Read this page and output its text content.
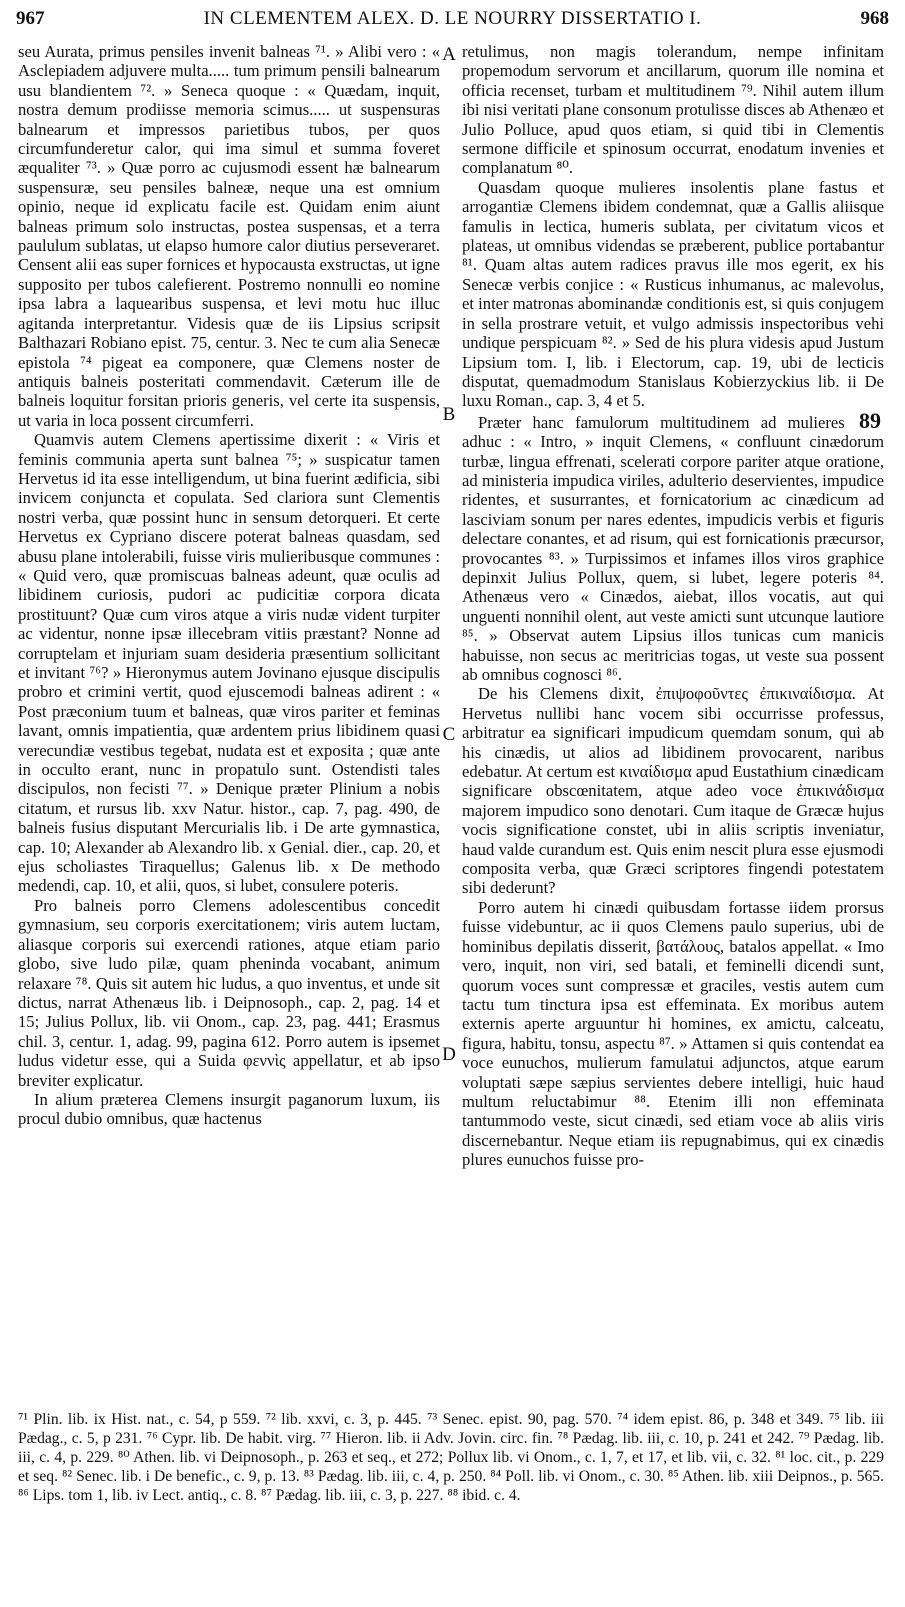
967	IN CLEMENTEM ALEX. D. LE NOURRY DISSERTATIO I.	968

seu Aurata, primus pensiles invenit balneas ⁷¹. » Alibi vero : « Asclepiadem adjuvere multa..... tum primum pensili balnearum usu blandientem ⁷². » Seneca quoque : « Quædam, inquit, nostra demum prodiisse memoria scimus..... ut suspensuras balnearum et impressos parietibus tubos, per quos circumfunderetur calor, qui ima simul et summa foveret æqualiter ⁷³. » Quæ porro ac cujusmodi essent hæ balnearum suspensuræ, seu pensiles balneæ, neque una est omnium opinio, neque id explicatu facile est. Quidam enim aiunt balneas primum solo instructas, postea suspensas, et a terra paululum sublatas, ut elapso humore calor diutius perseveraret. Censent alii eas super fornices et hypocausta exstructas, ut igne supposito per tubos calefierent. Postremo nonnulli eo nomine ipsa labra a laquearibus suspensa, et levi motu huc illuc agitanda interpretantur. Videsis quæ de iis Lipsius scripsit Balthazari Robiano epist. 75, centur. 3. Nec te cum alia Senecæ epistola ⁷⁴ pigeat ea componere, quæ Clemens noster de antiquis balneis posteritati commendavit. Cæterum ille de balneis loquitur forsitan prioris generis, vel certe ita suspensis, ut varia in loca possent circumferri.

Quamvis autem Clemens apertissime dixerit : « Viris et feminis communia aperta sunt balnea ⁷⁵; » suspicatur tamen Hervetus id ita esse intelligendum, ut bina fuerint ædificia, sibi invicem conjuncta et copulata. Sed clariora sunt Clementis nostri verba, quæ possint hunc in sensum detorqueri. Et certe Hervetus ex Cypriano discere poterat balneas quasdam, sed abusu plane intolerabili, fuisse viris mulieribusque communes : « Quid vero, quæ promiscuas balneas adeunt, quæ oculis ad libidinem curiosis, pudori ac pudicitiæ corpora dicata prostituunt? Quæ cum viros atque a viris nudæ vident turpiter ac videntur, nonne ipsæ illecebram vitiis præstant? Nonne ad corruptelam et injuriam suam desideria præsentium sollicitant et invitant ⁷⁶? » Hieronymus autem Jovinano ejusque discipulis probro et crimini vertit, quod ejuscemodi balneas adirent : « Post præconium tuum et balneas, quæ viros pariter et feminas lavant, omnis impatientia, quæ ardentem prius libidinem quasi verecundiæ vestibus tegebat, nudata est et exposita ; quæ ante in occulto erant, nunc in propatulo sunt. Ostendisti tales discipulos, non fecisti ⁷⁷. » Denique præter Plinium a nobis citatum, et rursus lib. xxv Natur. histor., cap. 7, pag. 490, de balneis fusius disputant Mercurialis lib. i De arte gymnastica, cap. 10; Alexander ab Alexandro lib. x Genial. dier., cap. 20, et ejus scholiastes Tiraquellus; Galenus lib. x De methodo medendi, cap. 10, et alii, quos, si lubet, consulere poteris.

Pro balneis porro Clemens adolescentibus concedit gymnasium, seu corporis exercitationem; viris autem luctam, aliasque corporis sui exercendi rationes, atque etiam pario globo, sive ludo pilæ, quam pheninda vocabant, animum relaxare ⁷⁸. Quis sit autem hic ludus, a quo inventus, et unde sit dictus, narrat Athenæus lib. i Deipnosoph., cap. 2, pag. 14 et 15; Julius Pollux, lib. vii Onom., cap. 23, pag. 441; Erasmus chil. 3, centur. 1, adag. 99, pagina 612. Porro autem is ipsemet ludus videtur esse, qui a Suida φεννὶς appellatur, et ab ipso breviter explicatur.

In alium præterea Clemens insurgit paganorum luxum, iis procul dubio omnibus, quæ hactenus

A
B
C
D

retulimus, non magis tolerandum, nempe infinitam propemodum servorum et ancillarum, quorum ille nomina et officia recenset, turbam et multitudinem ⁷⁹. Nihil autem illum ibi nisi veritati plane consonum protulisse disces ab Athenæo et Julio Polluce, apud quos etiam, si quid tibi in Clementis sermone difficile et spinosum occurrat, enodatum invenies et complanatum ⁸⁰.

Quasdam quoque mulieres insolentis plane fastus et arrogantiæ Clemens ibidem condemnat, quæ a Gallis aliisque famulis in lectica, humeris sublata, per civitatum vicos et plateas, ut omnibus videndas se præberent, publice portabantur ⁸¹. Quam altas autem radices pravus ille mos egerit, ex his Senecæ verbis conjice : « Rusticus inhumanus, ac malevolus, et inter matronas abominandæ conditionis est, si quis conjugem in sella prostrare vetuit, et vulgo admissis inspectoribus vehi undique perspicuam ⁸². » Sed de his plura videsis apud Justum Lipsium tom. I, lib. i Electorum, cap. 19, ubi de lecticis disputat, quemadmodum Stanislaus Kobierzyckius lib. ii De luxu Roman., cap. 3, 4 et 5.

Præter hanc famulorum multitudinem ad mulieres 89 adhuc : « Intro, » inquit Clemens, « confluunt cinædorum turbæ, lingua effrenati, scelerati corpore pariter atque oratione, ad ministeria impudica viriles, adulterio deservientes, impudice ridentes, et susurrantes, et fornicatorium ac cinædicum ad lasciviam sonum per nares edentes, impudicis verbis et figuris delectare conantes, et ad risum, qui est fornicationis præcursor, provocantes ⁸³. » Turpissimos et infames illos viros graphice depinxit Julius Pollux, quem, si lubet, legere poteris ⁸⁴. Athenæus vero « Cinædos, aiebat, illos vocatis, aut qui unguenti nonnihil olent, aut veste amicti sunt utcunque lautiore ⁸⁵. » Observat autem Lipsius illos tunicas cum manicis habuisse, non secus ac meritricias togas, ut veste sua possent ab omnibus cognosci ⁸⁶.

De his Clemens dixit, ἐπιψοφοῦντες ἐπικιναίδισμα. At Hervetus nullibi hanc vocem sibi occurrisse professus, arbitratur ea significari impudicum quemdam sonum, qui ab his cinædis, ut alios ad libidinem provocarent, naribus edebatur. At certum est κιναίδισμα apud Eustathium cinædicam significare obscœnitatem, atque adeo voce ἐπικινάδισμα majorem impudico sono denotari. Cum itaque de Græcæ hujus vocis significatione constet, ubi in aliis scriptis inveniatur, haud valde curandum est. Quis enim nescit plura esse ejusmodi composita verba, quæ Græci scriptores fingendi potestatem sibi dederunt?

Porro autem hi cinædi quibusdam fortasse iidem prorsus fuisse videbuntur, ac ii quos Clemens paulo superius, ubi de hominibus depilatis disserit, βατάλους, batalos appellat. « Imo vero, inquit, non viri, sed batali, et feminelli dicendi sunt, quorum voces sunt compressæ et graciles, vestis autem cum tactu tum tinctura ipsa est effeminata. Ex moribus autem externis aperte arguuntur hi homines, ex amictu, calceatu, figura, habitu, tonsu, aspectu ⁸⁷. » Attamen si quis contendat ea voce eunuchos, mulierum famulatui adjunctos, atque earum voluptati sæpe sæpius servientes debere intelligi, huic haud multum reluctabimur ⁸⁸. Etenim illi non effeminata tantummodo veste, sicut cinædi, sed etiam voce ab aliis viris discernebantur. Neque etiam iis repugnabimus, qui ex cinædis plures eunuchos fuisse pro-

⁷¹ Plin. lib. ix Hist. nat., c. 54, p 559. ⁷² lib. xxvi, c. 3, p. 445. ⁷³ Senec. epist. 90, pag. 570. ⁷⁴ idem epist. 86, p. 348 et 349. ⁷⁵ lib. iii Pædag., c. 5, p 231. ⁷⁶ Cypr. lib. De habit. virg. ⁷⁷ Hieron. lib. ii Adv. Jovin. circ. fin. ⁷⁸ Pædag. lib. iii, c. 10, p. 241 et 242. ⁷⁹ Pædag. lib. iii, c. 4, p. 229. ⁸⁰ Athen. lib. vi Deipnosoph., p. 263 et seq., et 272; Pollux lib. vi Onom., c. 1, 7, et 17, et lib. vii, c. 32. ⁸¹ loc. cit., p. 229 et seq. ⁸² Senec. lib. i De benefic., c. 9, p. 13. ⁸³ Pædag. lib. iii, c. 4, p. 250. ⁸⁴ Poll. lib. vi Onom., c. 30. ⁸⁵ Athen. lib. xiii Deipnos., p. 565. ⁸⁶ Lips. tom 1, lib. iv Lect. antiq., c. 8. ⁸⁷ Pædag. lib. iii, c. 3, p. 227. ⁸⁸ ibid. c. 4.
